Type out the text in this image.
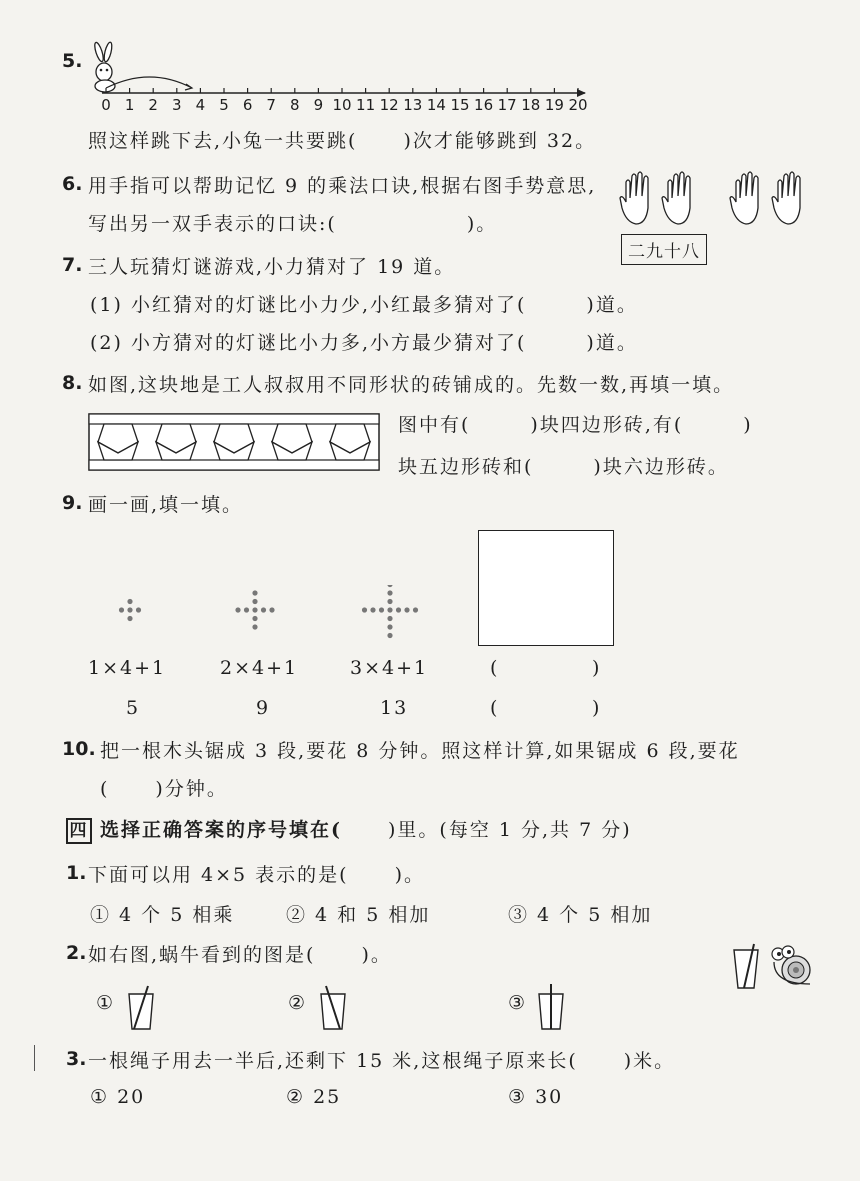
5.
0 1 2 3 4 5 6 7 8 9 10 11 12 13 14 15 16 17 18 19 20
照这样跳下去,小兔一共要跳( )次才能够跳到 32。
6. 用手指可以帮助记忆 9 的乘法口诀,根据右图手势意思,
写出另一双手表示的口诀:(	)。
二九十八
7. 三人玩猜灯谜游戏,小力猜对了 19 道。
(1) 小红猜对的灯谜比小力少,小红最多猜对了(	)道。
(2) 小方猜对的灯谜比小力多,小方最少猜对了(	)道。
8. 如图,这块地是工人叔叔用不同形状的砖铺成的。先数一数,再填一填。
图中有(	)块四边形砖,有(	)
块五边形砖和(	)块六边形砖。
9. 画一画,填一填。
1×4+1	2×4+1	3×4+1	(	)
5	9	13	(	)
10. 把一根木头锯成 3 段,要花 8 分钟。照这样计算,如果锯成 6 段,要花
( )分钟。
四 选择正确答案的序号填在( )里。(每空 1 分,共 7 分)
1. 下面可以用 4×5 表示的是( )。
① 4 个 5 相乘	② 4 和 5 相加	③ 4 个 5 相加
2. 如右图,蜗牛看到的图是( )。
①	②	③
3. 一根绳子用去一半后,还剩下 15 米,这根绳子原来长( )米。
① 20	② 25	③ 30
